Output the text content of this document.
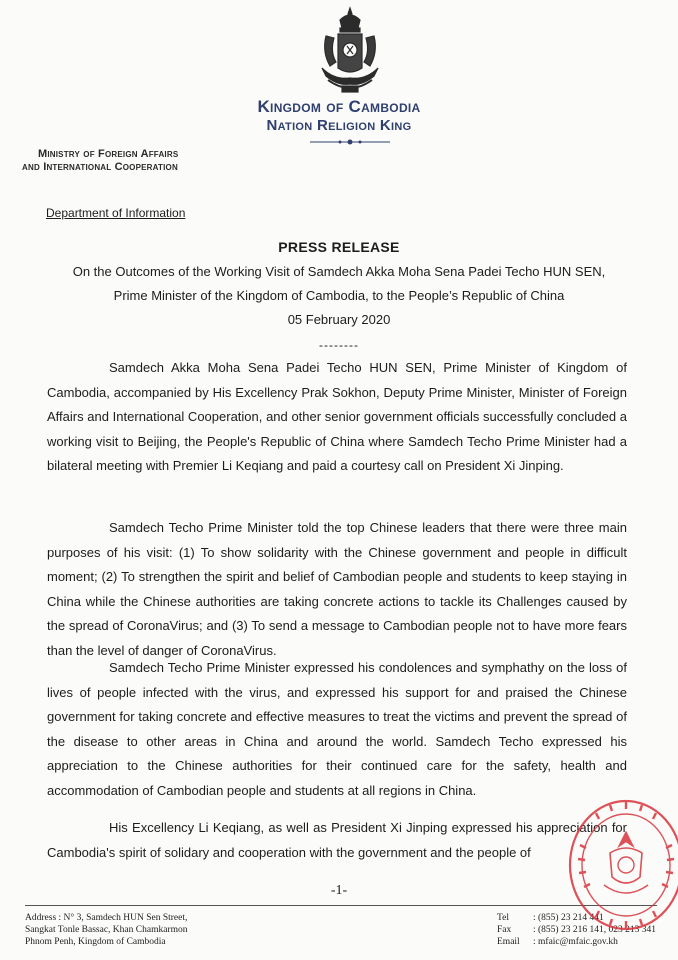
Kingdom of Cambodia
Nation Religion King
Ministry of Foreign Affairs
and International Cooperation
Department of Information
PRESS RELEASE
On the Outcomes of the Working Visit of Samdech Akka Moha Sena Padei Techo HUN SEN,
Prime Minister of the Kingdom of Cambodia, to the People’s Republic of China
05 February 2020
--------

Samdech Akka Moha Sena Padei Techo HUN SEN, Prime Minister of Kingdom of Cambodia, accompanied by His Excellency Prak Sokhon, Deputy Prime Minister, Minister of Foreign Affairs and International Cooperation, and other senior government officials successfully concluded a working visit to Beijing, the People's Republic of China where Samdech Techo Prime Minister had a bilateral meeting with Premier Li Keqiang and paid a courtesy call on President Xi Jinping.

Samdech Techo Prime Minister told the top Chinese leaders that there were three main purposes of his visit: (1) To show solidarity with the Chinese government and people in difficult moment; (2) To strengthen the spirit and belief of Cambodian people and students to keep staying in China while the Chinese authorities are taking concrete actions to tackle its Challenges caused by the spread of CoronaVirus; and (3) To send a message to Cambodian people not to have more fears than the level of danger of CoronaVirus.

Samdech Techo Prime Minister expressed his condolences and symphathy on the loss of lives of people infected with the virus, and expressed his support for and praised the Chinese government for taking concrete and effective measures to treat the victims and prevent the spread of the disease to other areas in China and around the world. Samdech Techo expressed his appreciation to the Chinese authorities for their continued care for the safety, health and accommodation of Cambodian people and students at all regions in China.

His Excellency Li Keqiang, as well as President Xi Jinping expressed his appreciation for Cambodia's spirit of solidary and cooperation with the government and the people of

-1-
Address : N° 3, Samdech HUN Sen Street,
Sangkat Tonle Bassac, Khan Chamkarmon
Phnom Penh, Kingdom of Cambodia
Tel	: (855) 23 214 441
Fax : (855) 23 216 141, 023 213 341
Email : mfaic@mfaic.gov.kh
